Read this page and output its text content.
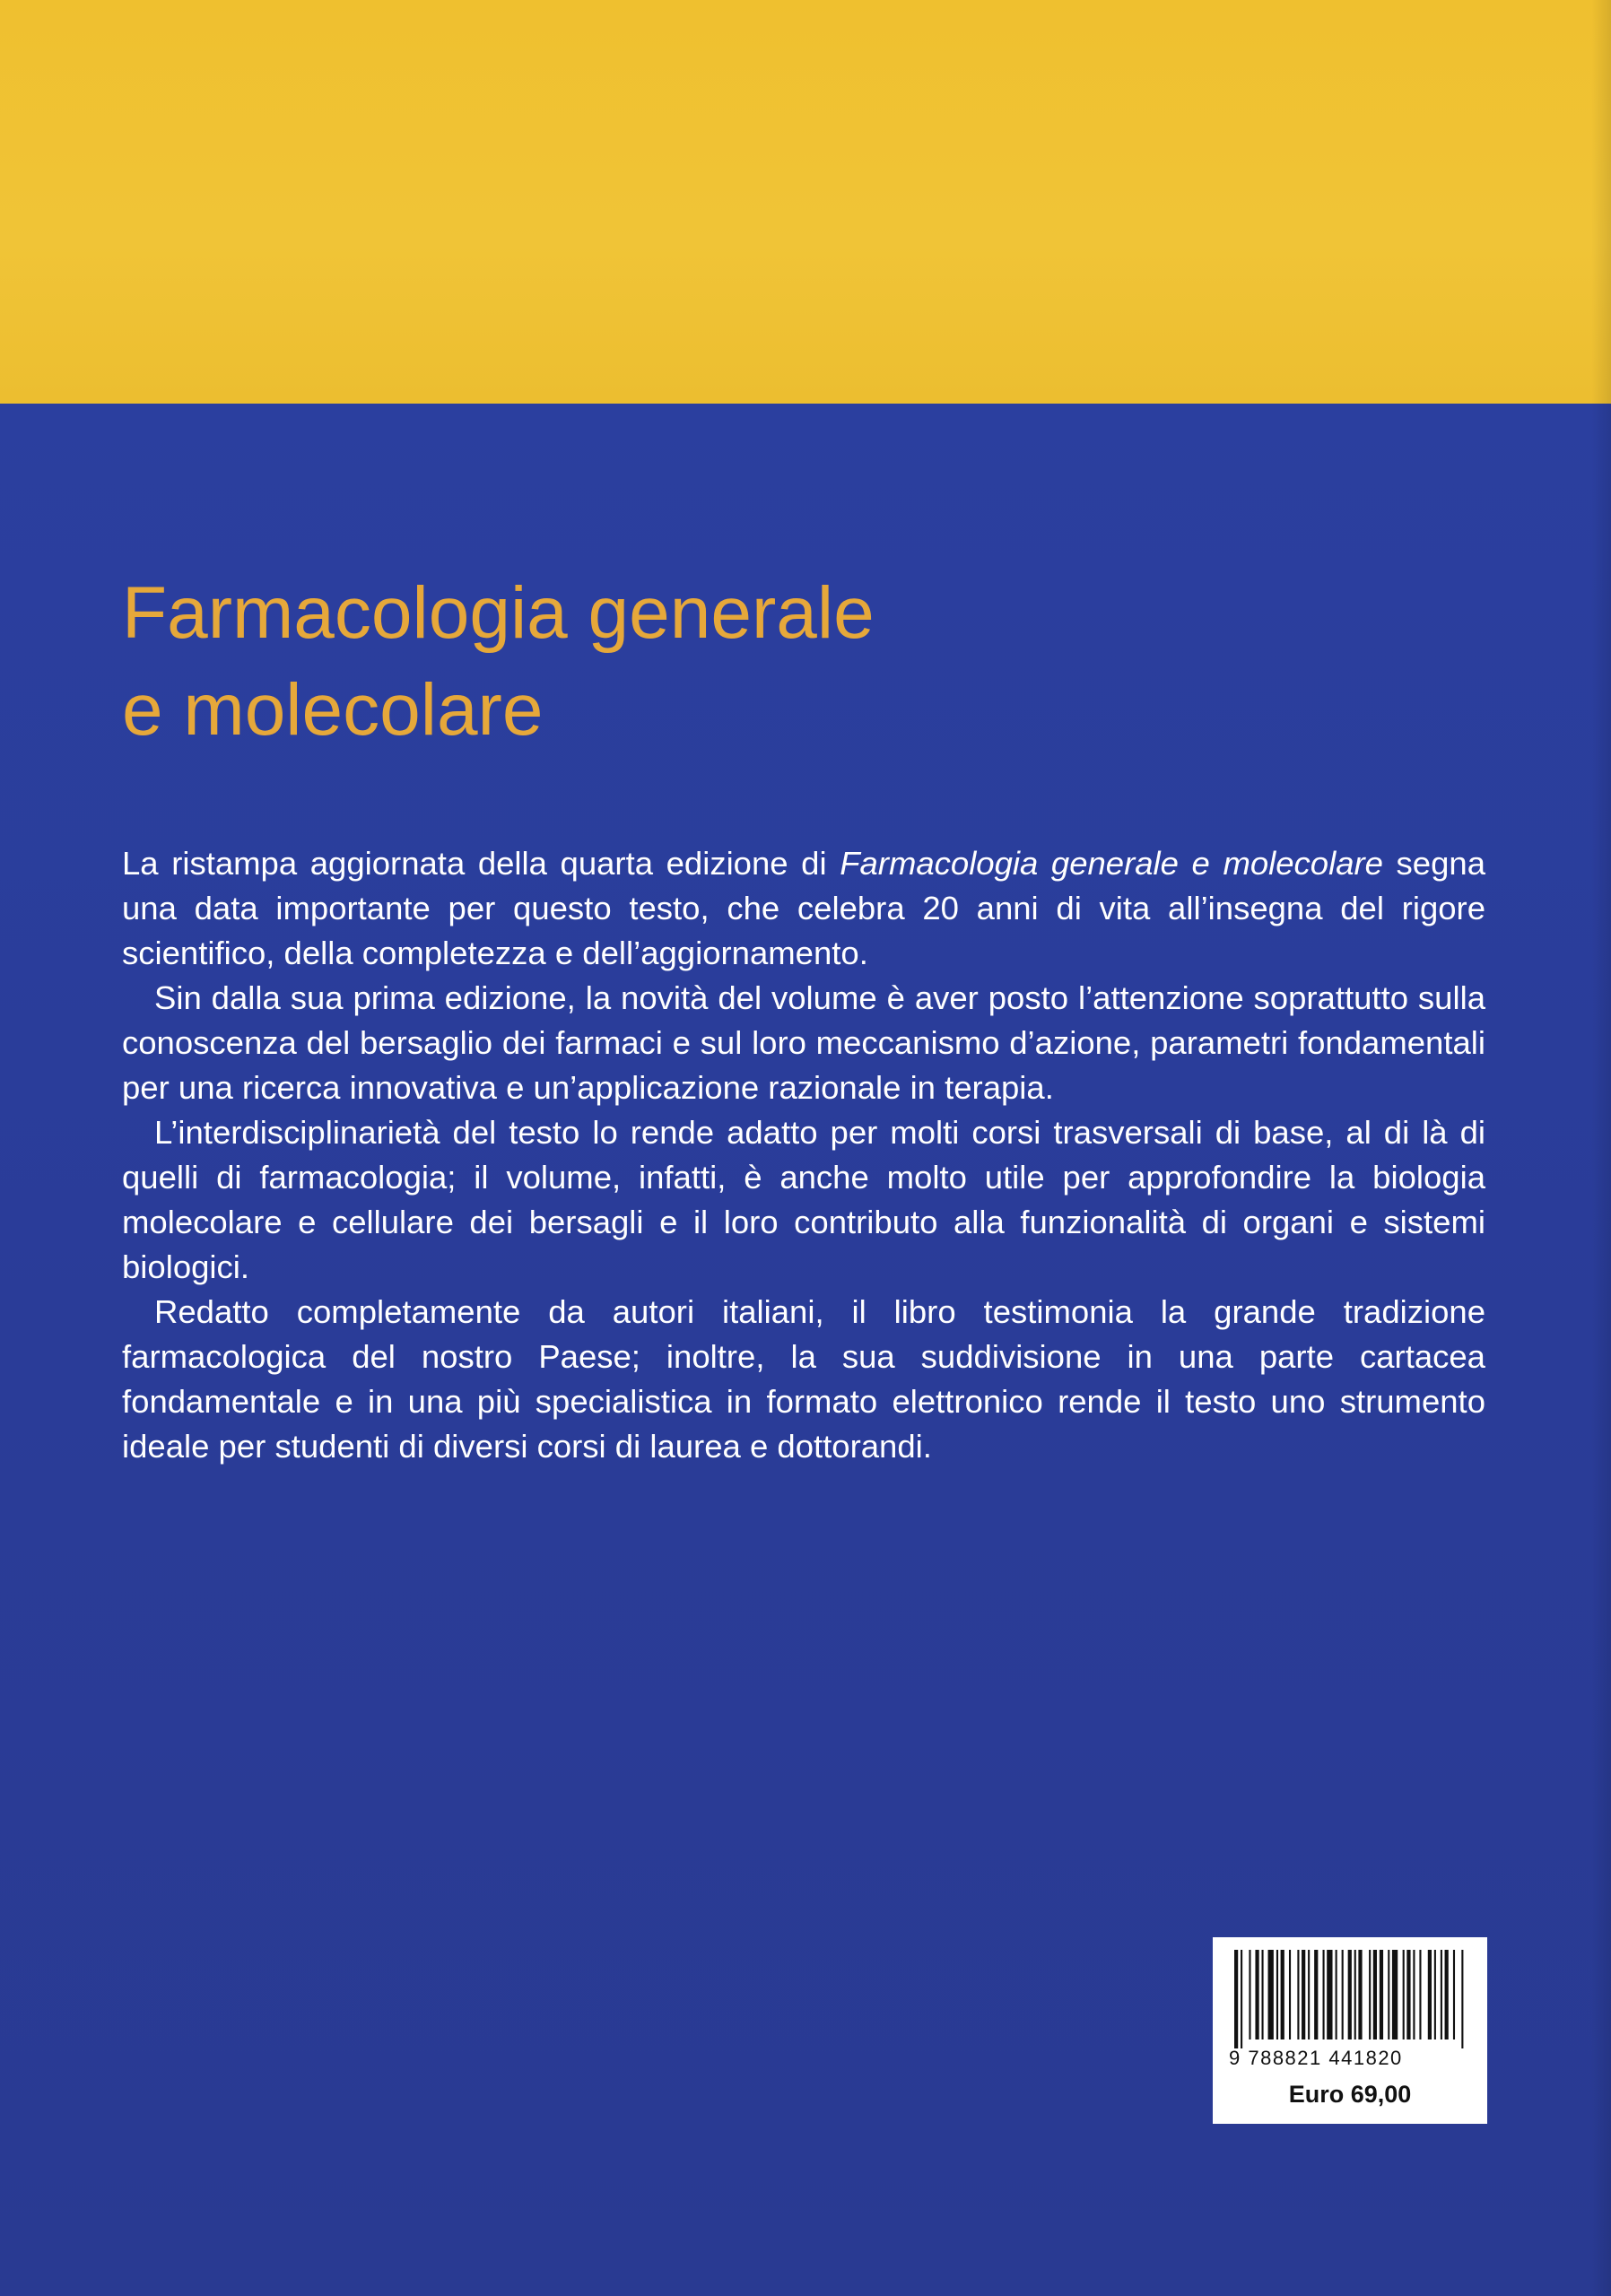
Farmacologia generale
e molecolare

La ristampa aggiornata della quarta edizione di Farmacologia generale e molecolare segna una data importante per questo testo, che celebra 20 anni di vita all’insegna del rigore scientifico, della completezza e dell’aggiornamento.

Sin dalla sua prima edizione, la novità del volume è aver posto l’attenzione soprattutto sulla conoscenza del bersaglio dei farmaci e sul loro meccanismo d’azione, parametri fondamentali per una ricerca innovativa e un’applicazione razionale in terapia.

L’interdisciplinarietà del testo lo rende adatto per molti corsi trasversali di base, al di là di quelli di farmacologia; il volume, infatti, è anche molto utile per approfondire la biologia molecolare e cellulare dei bersagli e il loro contributo alla funzionalità di organi e sistemi biologici.

Redatto completamente da autori italiani, il libro testimonia la grande tradizione farmacologica del nostro Paese; inoltre, la sua suddivisione in una parte cartacea fondamentale e in una più specialistica in formato elettronico rende il testo uno strumento ideale per studenti di diversi corsi di laurea e dottorandi.

9 788821 441820
Euro 69,00
